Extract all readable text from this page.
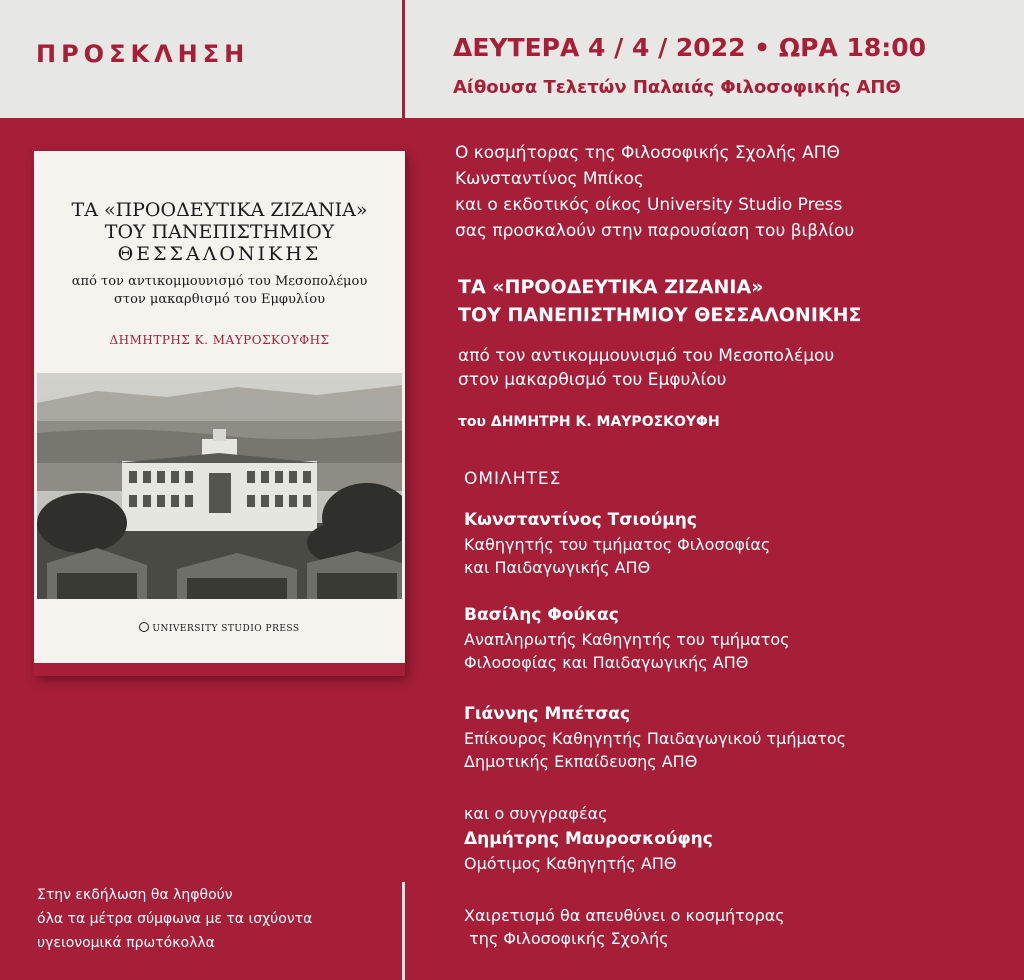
ΠΡΟΣΚΛΗΣΗ	ΔΕΥΤΕΡΑ 4 / 4 / 2022 • ΩΡΑ 18:00

Αίθουσα Τελετών Παλαιάς Φιλοσοφικής ΑΠΘ

ΤΑ «ΠΡΟΟΔΕΥΤΙΚΑ ΖΙΖΑΝΙΑ»
ΤΟΥ ΠΑΝΕΠΙΣΤΗΜΙΟΥ
ΘΕΣΣΑΛΟΝΙΚΗΣ

από τον αντικομμουνισμό του Μεσοπολέμου
στον μακαρθισμό του Εμφυλίου

ΔΗΜΗΤΡΗΣ Κ. ΜΑΥΡΟΣΚΟΥΦΗΣ

UNIVERSITY STUDIO PRESS

Ο κοσμήτορας της Φιλοσοφικής Σχολής ΑΠΘ
Κωνσταντίνος Μπίκος
και ο εκδοτικός οίκος University Studio Press
σας προσκαλούν στην παρουσίαση του βιβλίου

ΤΑ «ΠΡΟΟΔΕΥΤΙΚΑ ΖΙΖΑΝΙΑ»
ΤΟΥ ΠΑΝΕΠΙΣΤΗΜΙΟΥ ΘΕΣΣΑΛΟΝΙΚΗΣ

από τον αντικομμουνισμό του Μεσοπολέμου
στον μακαρθισμό του Εμφυλίου

του ΔΗΜΗΤΡΗ Κ. ΜΑΥΡΟΣΚΟΥΦΗ

ΟΜΙΛΗΤΕΣ

Κωνσταντίνος Τσιούμης
Καθηγητής του τμήματος Φιλοσοφίας
και Παιδαγωγικής ΑΠΘ
Βασίλης Φούκας
Αναπληρωτής Καθηγητής του τμήματος
Φιλοσοφίας και Παιδαγωγικής ΑΠΘ
Γιάννης Μπέτσας
Επίκουρος Καθηγητής Παιδαγωγικού τμήματος
Δημοτικής Εκπαίδευσης ΑΠΘ
και ο συγγραφέας
Δημήτρης Μαυροσκούφης
Ομότιμος Καθηγητής ΑΠΘ

Στην εκδήλωση θα ληφθούν
όλα τα μέτρα σύμφωνα με τα ισχύοντα
υγειονομικά πρωτόκολλα

Χαιρετισμό θα απευθύνει ο κοσμήτορας
της Φιλοσοφικής Σχολής
